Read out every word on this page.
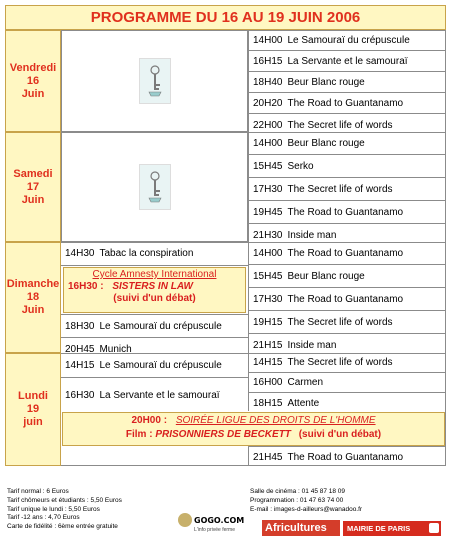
PROGRAMME DU 16 AU 19 JUIN 2006
Vendredi
16
Juin
14H00 Le Samouraï du crépuscule
16H15 La Servante et le samouraï
18H40 Beur Blanc rouge
20H20 The Road to Guantanamo
22H00 The Secret life of words
Samedi
17
Juin
14H00 Beur Blanc rouge
15H45 Serko
17H30 The Secret life of words
19H45 The Road to Guantanamo
21H30 Inside man
Dimanche
18
Juin
14H30 Tabac la conspiration
Cycle Amnesty International
16H30 : SISTERS IN LAW
(suivi d'un débat)
18H30 Le Samouraï du crépuscule
20H45 Munich
14H00 The Road to Guantanamo
15H45 Beur Blanc rouge
17H30 The Road to Guantanamo
19H15 The Secret life of words
21H15 Inside man
Lundi
19
juin
14H15 Le Samouraï du crépuscule
16H30 La Servante et le samouraï
14H15 The Secret life of words
16H00 Carmen
18H15 Attente
20H00 : SOIRÉE LIGUE DES DROITS DE L'HOMME
Film : PRISONNIERS DE BECKETT (suivi d'un débat)
21H45 The Road to Guantanamo
Tarif normal : 6 Euros
Tarif chômeurs et étudiants : 5,50 Euros
Tarif unique le lundi : 5,50 Euros
Tarif -12 ans : 4,70 Euros
Carte de fidélité : 6ème entrée gratuite
Salle de cinéma : 01 45 87 18 09
Programmation : 01 47 63 74 00
E-mail : images-d-ailleurs@wanadoo.fr
GOGO.COM
L'info privée ferme	Africultures	MAIRIE DE PARIS
